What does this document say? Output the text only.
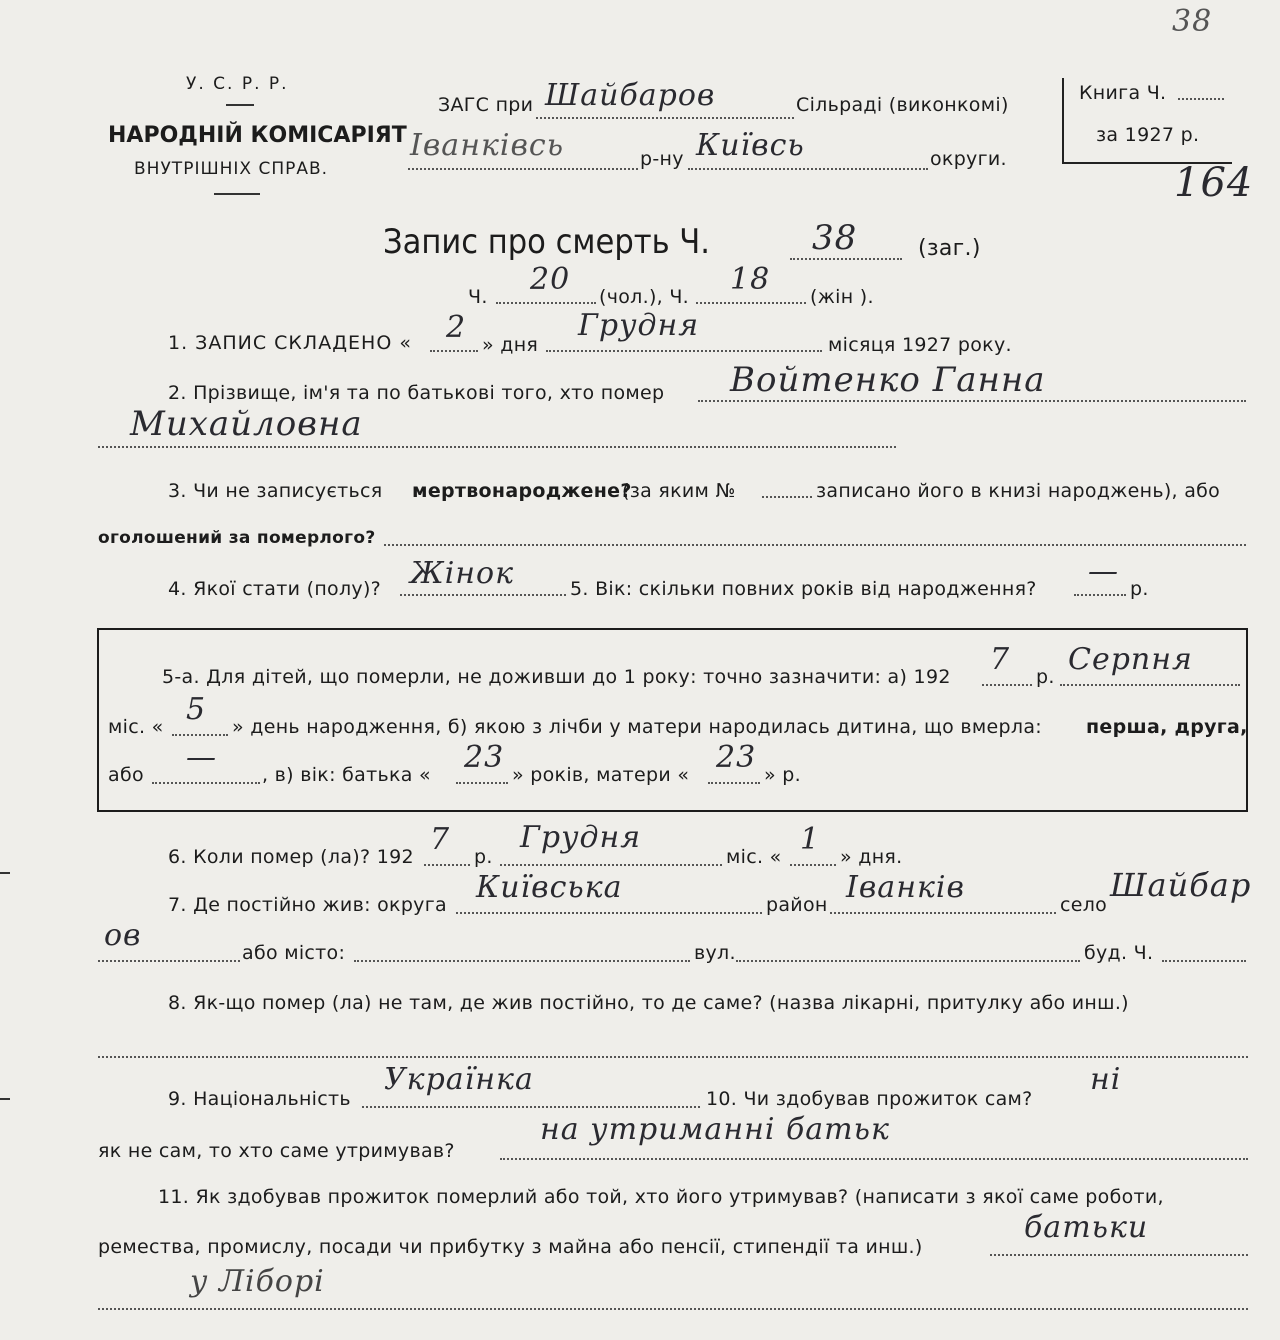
У. С. Р. Р.
НАРОДНІЙ КОМІСАРІЯТ
ВНУТРІШНІХ СПРАВ.
ЗАГС при Шайбаров	Сільраді (виконкомі)
Іванківсь	р-ну Київсь	округи.
Книга Ч.
за 1927 р.
38
164
Запис про смерть Ч.	38	(заг.)
Ч. 20 (чол.), Ч. 18 (жін ).
1. ЗАПИС СКЛАДЕНО « 2 » дня
Грудня
місяця 1927 року.
2. Прізвище, ім'я та по батькові того, хто помер Войтенко Ганна
Михайловна
3. Чи не записується мертвонароджене?
(за яким №	записано його в книзі народжень), або
оголошений за померлого?
4. Якої стати (полу)? Жінок	5. Вік: скільки повних років від народження? — р.
5-а. Для дітей, що померли, не доживши до 1 року: точно зазначити: а) 192 7 р. Серпня
міс. « 5 » день народження, б) якою з лічби у матери народилась дитина, що вмерла: перша, друга,
або — , в) вік: батька « 23 » років, матери « 23 » р.
6. Коли помер (ла)? 192 7 р.
Грудня
міс. « 1 » дня.
7. Де постійно жив: округа Київська	район Іванків	село
Шайбар
ов	або місто:	вул.	буд. Ч.
8. Як-що помер (ла) не там, де жив постійно, то де саме? (назва лікарні, притулку або инш.)
9. Національність
Українка
10. Чи здобував прожиток сам?
ні
як не сам, то хто саме утримував?
на утриманні батьк
11. Як здобував прожиток померлий або той, хто його утримував? (написати з якої саме роботи,
ремества, промислу, посади чи прибутку з майна або пенсії, стипендії та инш.)
батьки
у Ліборі
